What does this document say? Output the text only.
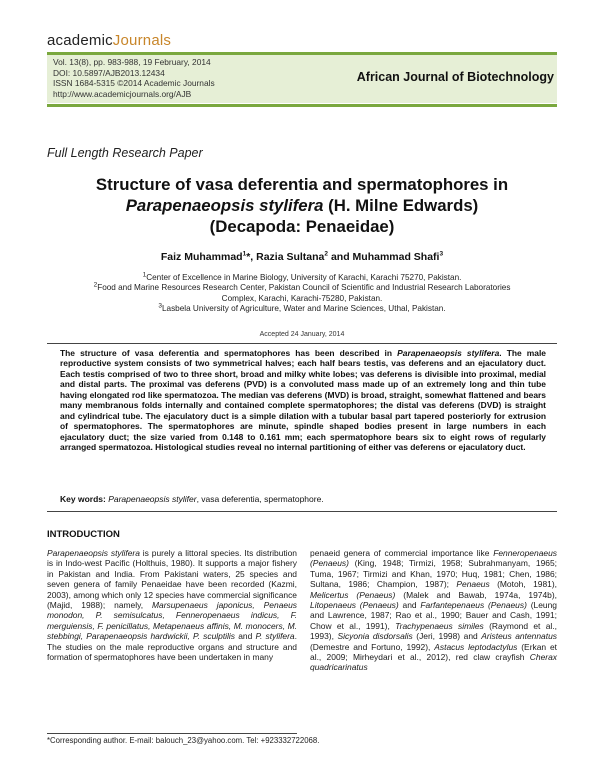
academicJournals
Vol. 13(8), pp. 983-988, 19 February, 2014
DOI: 10.5897/AJB2013.12434
ISSN 1684-5315 ©2014 Academic Journals
http://www.academicjournals.org/AJB
African Journal of Biotechnology
Full Length Research Paper
Structure of vasa deferentia and spermatophores in
Parapenaeopsis stylifera (H. Milne Edwards)
(Decapoda: Penaeidae)
Faiz Muhammad$^1$*, Razia Sultana$^2$ and Muhammad Shafi$^3$
$^1$Center of Excellence in Marine Biology, University of Karachi, Karachi 75270, Pakistan.
$^2$Food and Marine Resources Research Center, Pakistan Council of Scientific and Industrial Research Laboratories Complex, Karachi, Karachi-75280, Pakistan.
$^3$Lasbela University of Agriculture, Water and Marine Sciences, Uthal, Pakistan.
Accepted 24 January, 2014
The structure of vasa deferentia and spermatophores has been described in Parapenaeopsis stylifera. The male reproductive system consists of two symmetrical halves; each half bears testis, vas deferens and an ejaculatory duct. Each testis comprised of two to three short, broad and milky white lobes; vas deferens is divisible into proximal, medial and distal parts. The proximal vas deferens (PVD) is a convoluted mass made up of an extremely long and thin tube having elongated rod like spermatozoa. The median vas deferens (MVD) is broad, straight, somewhat flattened and bears many membranous folds internally and contained complete spermatophores; the distal vas deferens (DVD) is straight and cylindrical tube. The ejaculatory duct is a simple dilation with a tubular basal part tapered posteriorly for extrusion of spermatophores. The spermatophores are minute, spindle shaped bodies present in large numbers in each ejaculatory duct; the size varied from 0.148 to 0.161 mm; each spermatophore bears six to eight rows of regularly arranged spermatozoa. Histological studies reveal no internal partitioning of either vas deferens or ejaculatory duct.
Key words: Parapenaeopsis stylifer, vasa deferentia, spermatophore.
INTRODUCTION
Parapenaeopsis stylifera is purely a littoral species. Its distribution is in Indo-west Pacific (Holthuis, 1980). It supports a major fishery in Pakistan and India. From Pakistani waters, 25 species and seven genera of family Penaeidae have been recorded (Kazmi, 2003), among which only 12 species have commercial significance (Majid, 1988); namely, Marsupenaeus japonicus, Penaeus monodon, P. semisulcatus, Fenneropenaeus indicus, F. merguiensis, F. penicillatus, Metapenaeus affinis, M. monocers, M. stebbingi, Parapenaeopsis hardwickii, P. sculptilis and P. stylifera. The studies on the male reproductive organs and structure and formation of spermatophores have been undertaken in many
penaeid genera of commercial importance like Fenneropenaeus (Penaeus) (King, 1948; Tirmizi, 1958; Subrahmanyam, 1965; Tuma, 1967; Tirmizi and Khan, 1970; Huq, 1981; Chen, 1986; Sultana, 1986; Champion, 1987); Penaeus (Motoh, 1981), Melicertus (Penaeus) (Malek and Bawab, 1974a, 1974b), Litopenaeus (Penaeus) and Farfantepenaeus (Penaeus) (Leung and Lawrence, 1987; Rao et al., 1990; Bauer and Cash, 1991; Chow et al., 1991), Trachypenaeus similes (Raymond et al., 1993), Sicyonia disdorsalis (Jeri, 1998) and Aristeus antennatus (Demestre and Fortuno, 1992), Astacus leptodactylus (Erkan et al., 2009; Mirheydari et al., 2012), red claw crayfish Cherax quadricarinatus
*Corresponding author. E-mail: balouch_23@yahoo.com. Tel: +923332722068.
